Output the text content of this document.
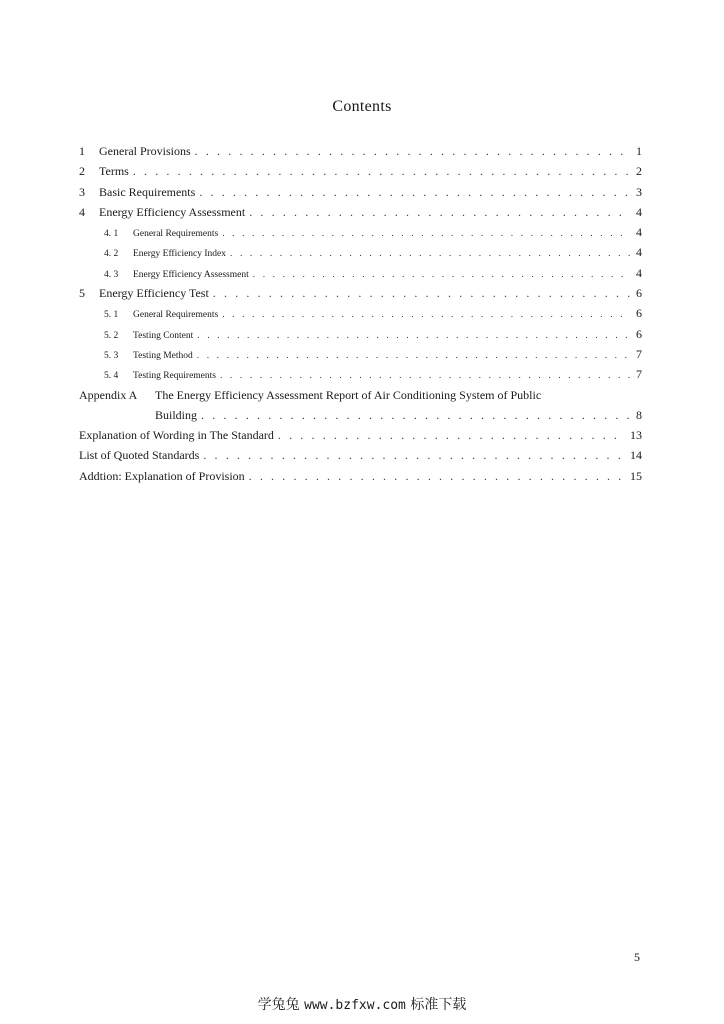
Contents
1	General Provisions . . .	1
2	Terms . . .	2
3	Basic Requirements . . .	3
4	Energy Efficiency Assessment . . .	4
4. 1	General Requirements . . .	4
4. 2	Energy Efficiency Index . . .	4
4. 3	Energy Efficiency Assessment . . .	4
5	Energy Efficiency Test . . .	6
5. 1	General Requirements . . .	6
5. 2	Testing Content . . .	6
5. 3	Testing Method . . .	7
5. 4	Testing Requirements . . .	7
Appendix A	The Energy Efficiency Assessment Report of Air Conditioning System of Public
Building . . .	8
Explanation of Wording in The Standard . . .	13
List of Quoted Standards . . .	14
Addtion: Explanation of Provision . . .	15
5
学兔兔 www.bzfxw.com 标准下载
